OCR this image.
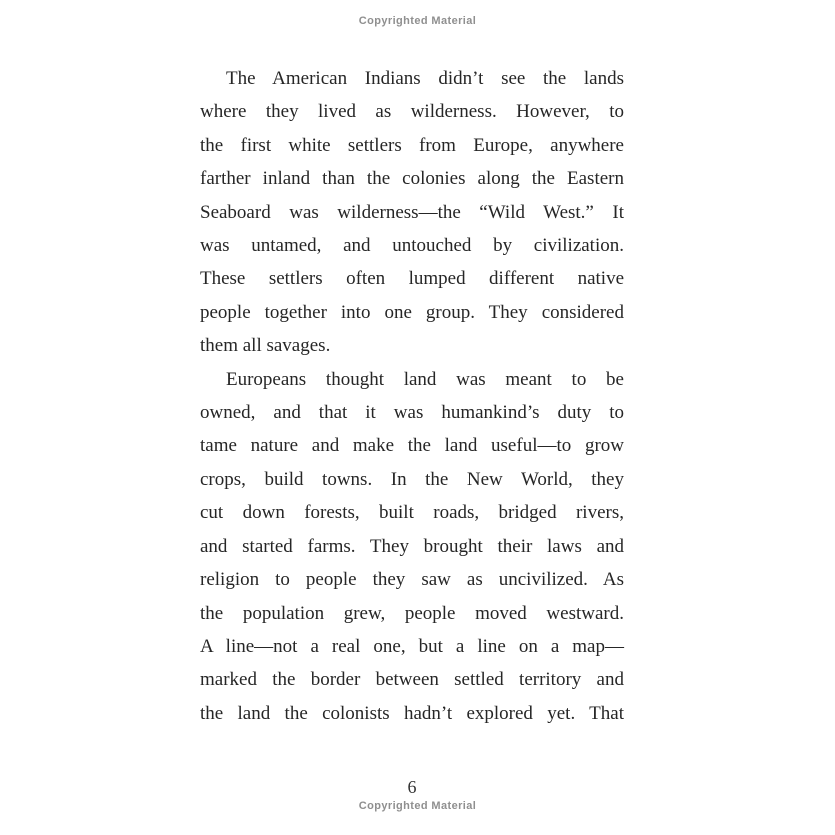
Copyrighted Material

The American Indians didn’t see the lands

where they lived as wilderness. However, to

the first white settlers from Europe, anywhere

farther inland than the colonies along the Eastern

Seaboard was wilderness—the “Wild West.” It

was untamed, and untouched by civilization.

These settlers often lumped different native

people together into one group. They considered

them all savages.

Europeans thought land was meant to be

owned, and that it was humankind’s duty to

tame nature and make the land useful—to grow

crops, build towns. In the New World, they

cut down forests, built roads, bridged rivers,

and started farms. They brought their laws and

religion to people they saw as uncivilized. As

the population grew, people moved westward.

A line—not a real one, but a line on a map—

marked the border between settled territory and

the land the colonists hadn’t explored yet. That

6
Copyrighted Material
